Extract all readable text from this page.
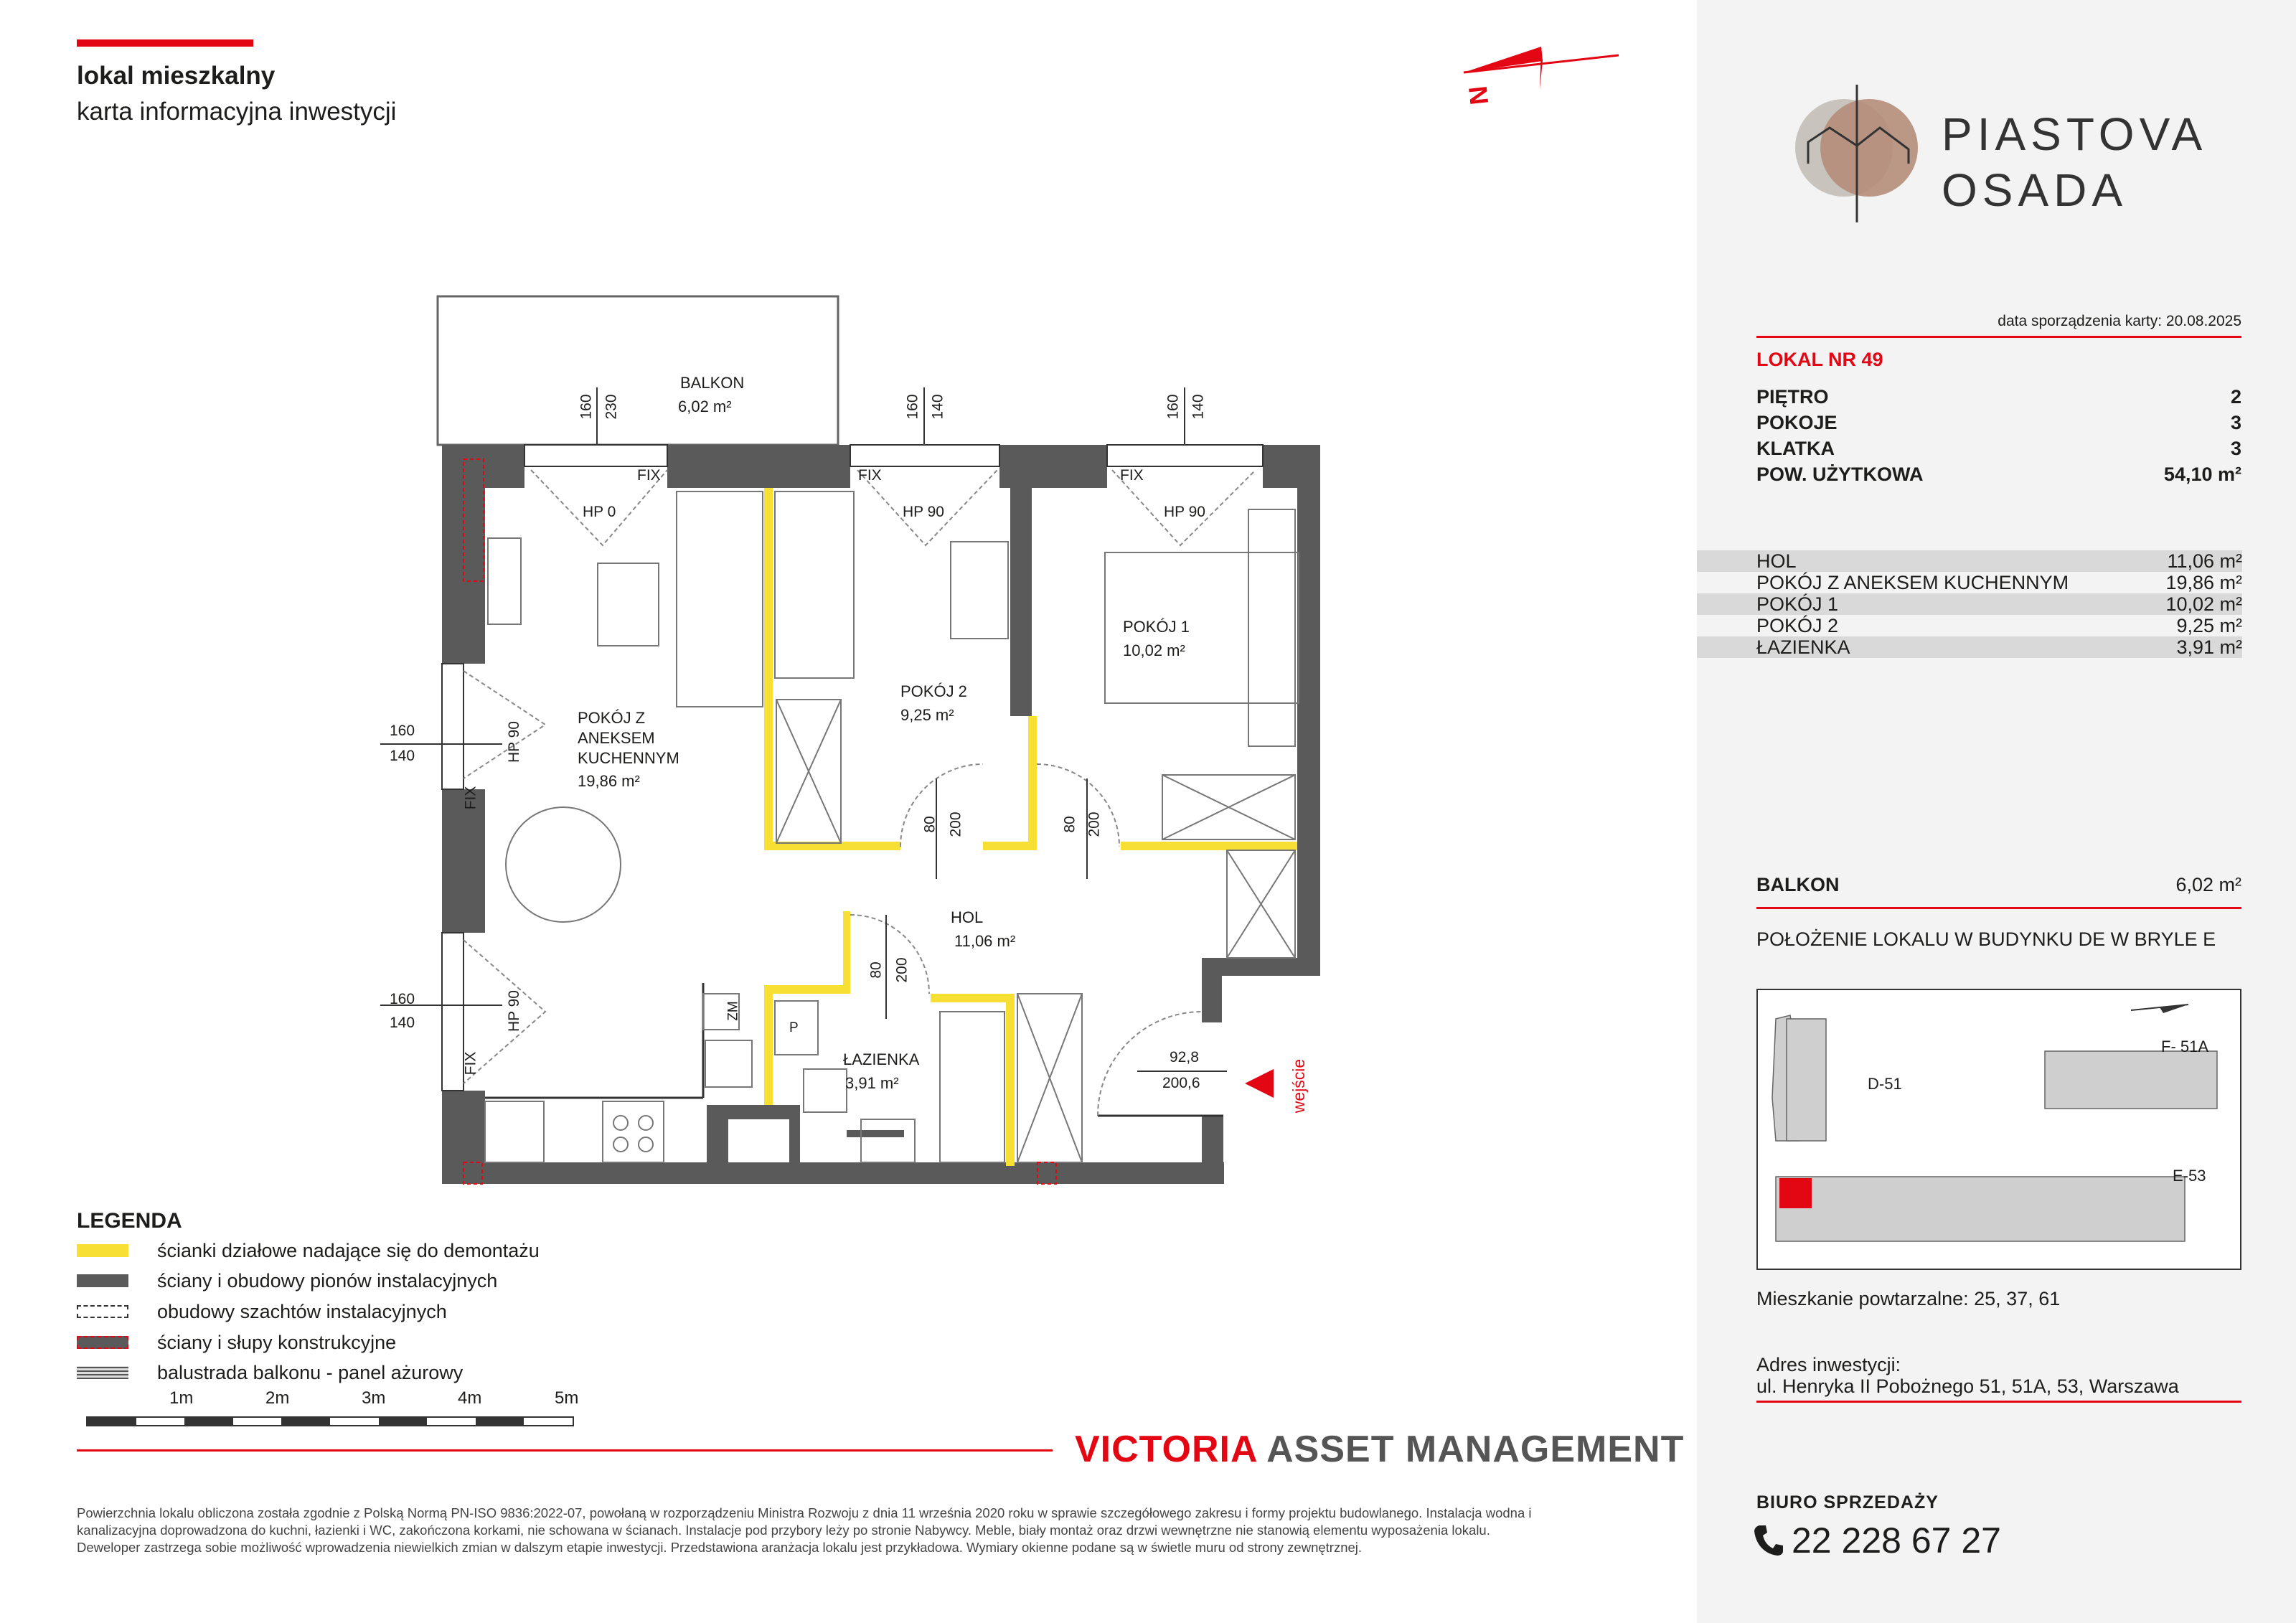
lokal mieszkalny
karta informacyjna inwestycji
N
BALKON
6,02 m²
POKÓJ Z
ANEKSEM
KUCHENNYM
19,86 m²
POKÓJ 1
10,02 m²
POKÓJ 2
9,25 m²
HOL
11,06 m²
ŁAZIENKA
3,91 m²
FIX
HP 0
FIX
HP 90
FIX
HP 90
160 230	160 140	160 140
160
140
160
140
HP 90
FIX
HP 90
FIX
80 200	80 200
80 200
92,8
200,6	wejście
ZM
P
LEGENDA
ścianki działowe nadające się do demontażu
ściany i obudowy pionów instalacyjnych
obudowy szachtów instalacyjnych
ściany i słupy konstrukcyjne
balustrada balkonu - panel ażurowy
1m	2m	3m	4m	5m
VICTORIA ASSET MANAGEMENT
Powierzchnia lokalu obliczona została zgodnie z Polską Normą PN-ISO 9836:2022-07, powołaną w rozporządzeniu Ministra Rozwoju z dnia 11 września 2020 roku w sprawie szczegółowego zakresu i formy projektu budowlanego. Instalacja wodna i kanalizacyjna doprowadzona do kuchni, łazienki i WC, zakończona korkami, nie schowana w ścianach. Instalacje pod przybory leży po stronie Nabywcy. Meble, biały montaż oraz drzwi wewnętrzne nie stanowią elementu wyposażenia lokalu. Deweloper zastrzega sobie możliwość wprowadzenia niewielkich zmian w dalszym etapie inwestycji. Przedstawiona aranżacja lokalu jest przykładowa. Wymiary okienne podane są w świetle muru od strony zewnętrznej.
PIASTOVA
OSADA
data sporządzenia karty: 20.08.2025
LOKAL NR 49
PIĘTRO	2
POKOJE	3
KLATKA	3
POW. UŻYTKOWA	54,10 m²
HOL	11,06 m²
POKÓJ Z ANEKSEM KUCHENNYM	19,86 m²
POKÓJ 1	10,02 m²
POKÓJ 2	9,25 m²
ŁAZIENKA	3,91 m²
BALKON	6,02 m²
POŁOŻENIE LOKALU W BUDYNKU DE W BRYLE E
D-51
F- 51A
E-53
Mieszkanie powtarzalne: 25, 37, 61
Adres inwestycji:
ul. Henryka II Pobożnego 51, 51A, 53, Warszawa
BIURO SPRZEDAŻY
22 228 67 27
